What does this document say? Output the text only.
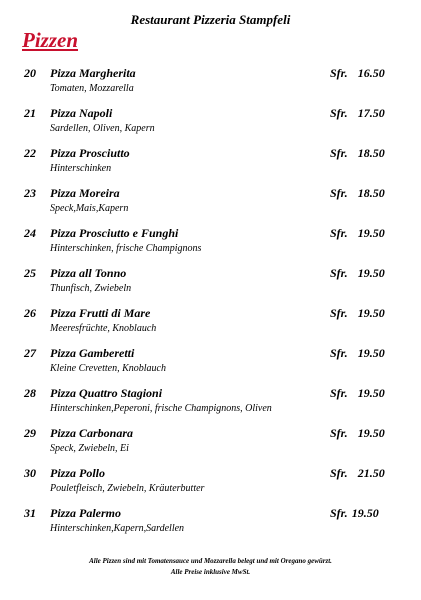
Restaurant Pizzeria Stampfeli
Pizzen
20 Pizza Margherita	Sfr. 16.50
Tomaten, Mozzarella
21 Pizza Napoli	Sfr. 17.50
Sardellen, Oliven, Kapern
22 Pizza Prosciutto	Sfr. 18.50
Hinterschinken
23 Pizza Moreira	Sfr. 18.50
Speck,Mais,Kapern
24 Pizza Prosciutto e Funghi	Sfr. 19.50
Hinterschinken, frische Champignons
25 Pizza all Tonno	Sfr. 19.50
Thunfisch, Zwiebeln
26 Pizza Frutti di Mare	Sfr. 19.50
Meeresfrüchte, Knoblauch
27 Pizza Gamberetti	Sfr. 19.50
Kleine Crevetten, Knoblauch
28 Pizza Quattro Stagioni	Sfr. 19.50
Hinterschinken,Peperoni, frische Champignons, Oliven
29 Pizza Carbonara	Sfr. 19.50
Speck, Zwiebeln, Ei
30 Pizza Pollo	Sfr. 21.50
Pouletfleisch, Zwiebeln, Kräuterbutter
31 Pizza Palermo	Sfr. 19.50
Hinterschinken,Kapern,Sardellen
Alle Pizzen sind mit Tomatensauce und Mozzarella belegt und mit Oregano gewürzt.
Alle Preise inklusive MwSt.
